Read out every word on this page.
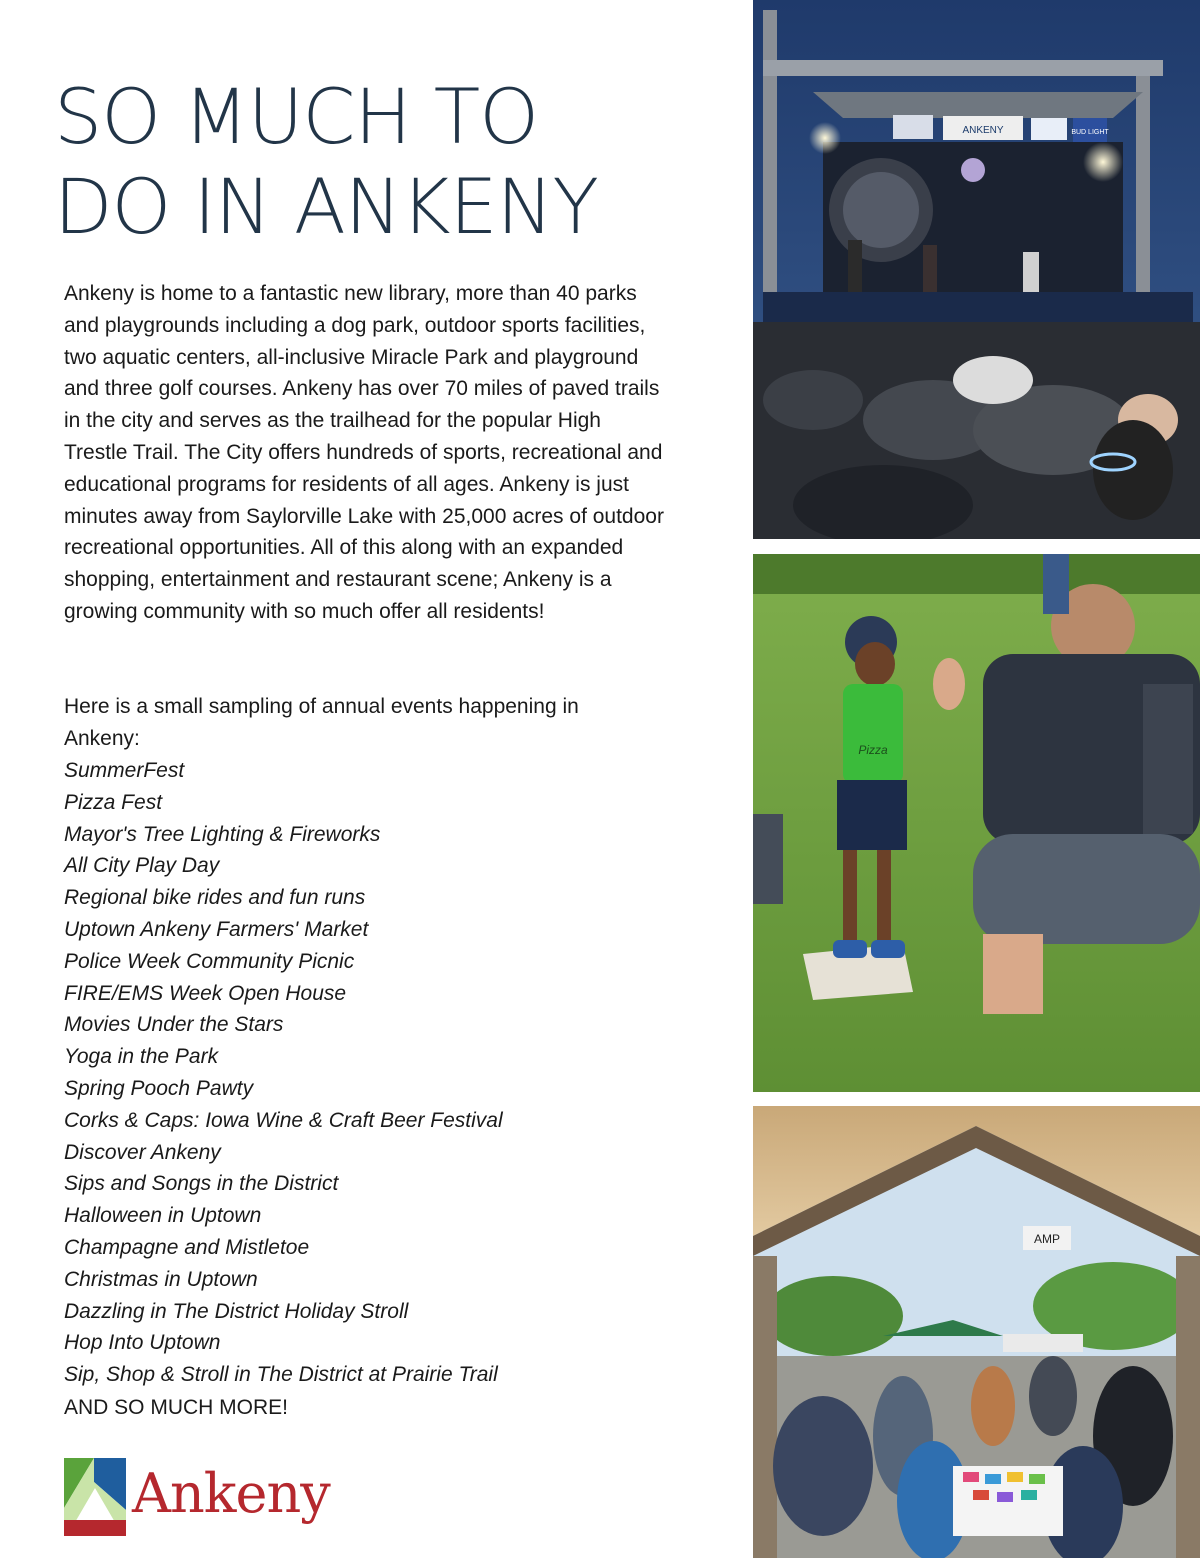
SO MUCH TO
DO IN ANKENY

Ankeny is home to a fantastic new library, more than 40 parks and playgrounds including a dog park, outdoor sports facilities, two aquatic centers, all-inclusive Miracle Park and playground and three golf courses. Ankeny has over 70 miles of paved trails in the city and serves as the trailhead for the popular High Trestle Trail. The City offers hundreds of sports, recreational and educational programs for residents of all ages. Ankeny is just minutes away from Saylorville Lake with 25,000 acres of outdoor recreational opportunities. All of this along with an expanded shopping, entertainment and restaurant scene; Ankeny is a growing community with so much offer all residents!

Here is a small sampling of annual events happening in Ankeny:

SummerFest
Pizza Fest
Mayor's Tree Lighting & Fireworks
All City Play Day
Regional bike rides and fun runs
Uptown Ankeny Farmers' Market
Police Week Community Picnic
FIRE/EMS Week Open House
Movies Under the Stars
Yoga in the Park
Spring Pooch Pawty
Corks & Caps: Iowa Wine & Craft Beer Festival
Discover Ankeny
Sips and Songs in the District
Halloween in Uptown
Champagne and Mistletoe
Christmas in Uptown
Dazzling in The District Holiday Stroll
Hop Into Uptown
Sip, Shop & Stroll in The District at Prairie Trail

AND SO MUCH MORE!

Ankeny
ANKENY	BUD LIGHT
Pizza
AMP
